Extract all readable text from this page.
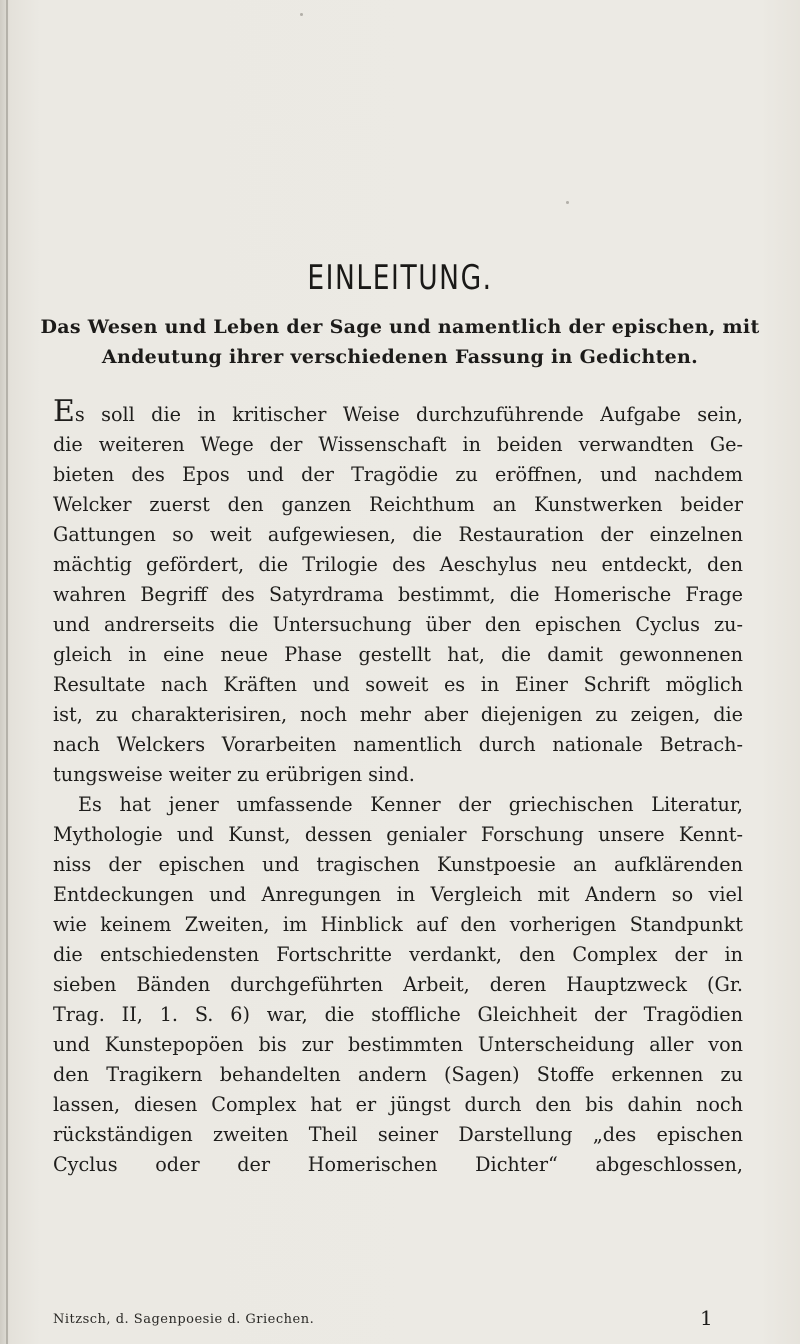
EINLEITUNG.
Das Wesen und Leben der Sage und namentlich der epischen, mit
Andeutung ihrer verschiedenen Fassung in Gedichten.
Es soll die in kritischer Weise durchzuführende Aufgabe sein,
die weiteren Wege der Wissenschaft in beiden verwandten Ge-
bieten des Epos und der Tragödie zu eröffnen, und nachdem
Welcker zuerst den ganzen Reichthum an Kunstwerken beider
Gattungen so weit aufgewiesen, die Restauration der einzelnen
mächtig gefördert, die Trilogie des Aeschylus neu entdeckt, den
wahren Begriff des Satyrdrama bestimmt, die Homerische Frage
und andrerseits die Untersuchung über den epischen Cyclus zu-
gleich in eine neue Phase gestellt hat, die damit gewonnenen
Resultate nach Kräften und soweit es in Einer Schrift möglich
ist, zu charakterisiren, noch mehr aber diejenigen zu zeigen, die
nach Welckers Vorarbeiten namentlich durch nationale Betrach-
tungsweise weiter zu erübrigen sind.
Es hat jener umfassende Kenner der griechischen Literatur,
Mythologie und Kunst, dessen genialer Forschung unsere Kennt-
niss der epischen und tragischen Kunstpoesie an aufklärenden
Entdeckungen und Anregungen in Vergleich mit Andern so viel
wie keinem Zweiten, im Hinblick auf den vorherigen Standpunkt
die entschiedensten Fortschritte verdankt, den Complex der in
sieben Bänden durchgeführten Arbeit, deren Hauptzweck (Gr.
Trag. II, 1. S. 6) war, die stoffliche Gleichheit der Tragödien
und Kunstepopöen bis zur bestimmten Unterscheidung aller von
den Tragikern behandelten andern (Sagen) Stoffe erkennen zu
lassen, diesen Complex hat er jüngst durch den bis dahin noch
rückständigen zweiten Theil seiner Darstellung „des epischen
Cyclus oder der Homerischen Dichter“ abgeschlossen,
Nitzsch, d. Sagenpoesie d. Griechen.	1
